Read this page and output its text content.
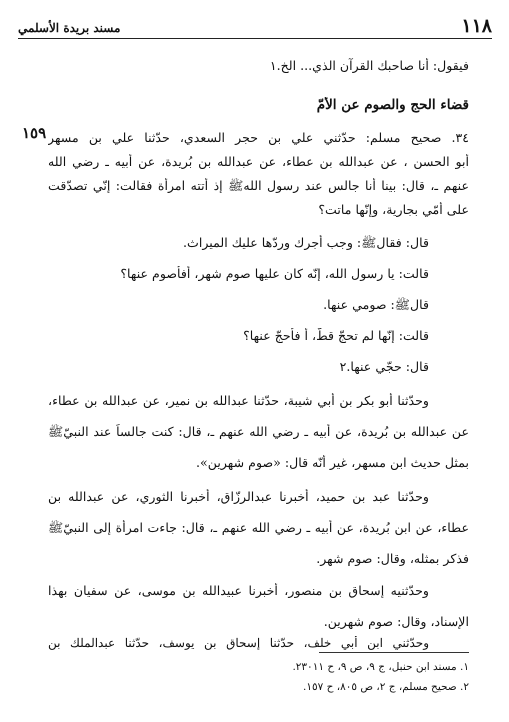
مسند بريدة الأسلمي	١١٨
فيقول: أنا صاحبك القرآن الذي... الخ.١
قضاء الحج والصوم عن الأمّ
١٥٩ ٣٤. صحيح مسلم: حدّثني علي بن حجر السعدي، حدّثنا علي بن مسهر
أبو الحسن ، عن عبدالله بن عطاء، عن عبدالله بن بُريدة، عن أبيه ـ رضي الله
عنهم ـ، قال: بينا أنا جالس عند رسول اللهﷺ إذ أتته امرأة فقالت: إنّي تصدّقت
على أمّي بجارية، وإنّها ماتت؟
قال: فقالﷺ: وجب أجرك وردّها عليك الميراث.
قالت: يا رسول الله، إنّه كان عليها صوم شهر، أفأصوم عنها؟
قالﷺ: صومي عنها.
قالت: إنّها لم تحجّ قطّ، أ فأحجّ عنها؟
قال: حجّي عنها.٢
وحدّثنا أبو بكر بن أبي شيبة، حدّثنا عبدالله بن نمير، عن عبدالله بن عطاء،
عن عبدالله بن بُريدة، عن أبيه ـ رضي الله عنهم ـ، قال: كنت جالساً عند النبيّﷺ
بمثل حديث ابن مسهر، غير أنّه قال: «صوم شهرين».
وحدّثنا عبد بن حميد، أخبرنا عبدالرزّاق، أخبرنا الثوري، عن عبدالله بن
عطاء، عن ابن بُريدة، عن أبيه ـ رضي الله عنهم ـ، قال: جاءت امرأة إلى النبيّﷺ
فذكر بمثله، وقال: صوم شهر.
وحدّثنيه إسحاق بن منصور، أخبرنا عبيدالله بن موسى، عن سفيان بهذا
الإسناد، وقال: صوم شهرين.
وحدّثني ابن أبي خلف، حدّثنا إسحاق بن يوسف، حدّثنا عبدالملك بن
١. مسند ابن حنبل، ج ٩، ص ٩، ح ٢٣٠١١.
٢. صحيح مسلم، ج ٢، ص ٨٠٥، ح ١٥٧.
